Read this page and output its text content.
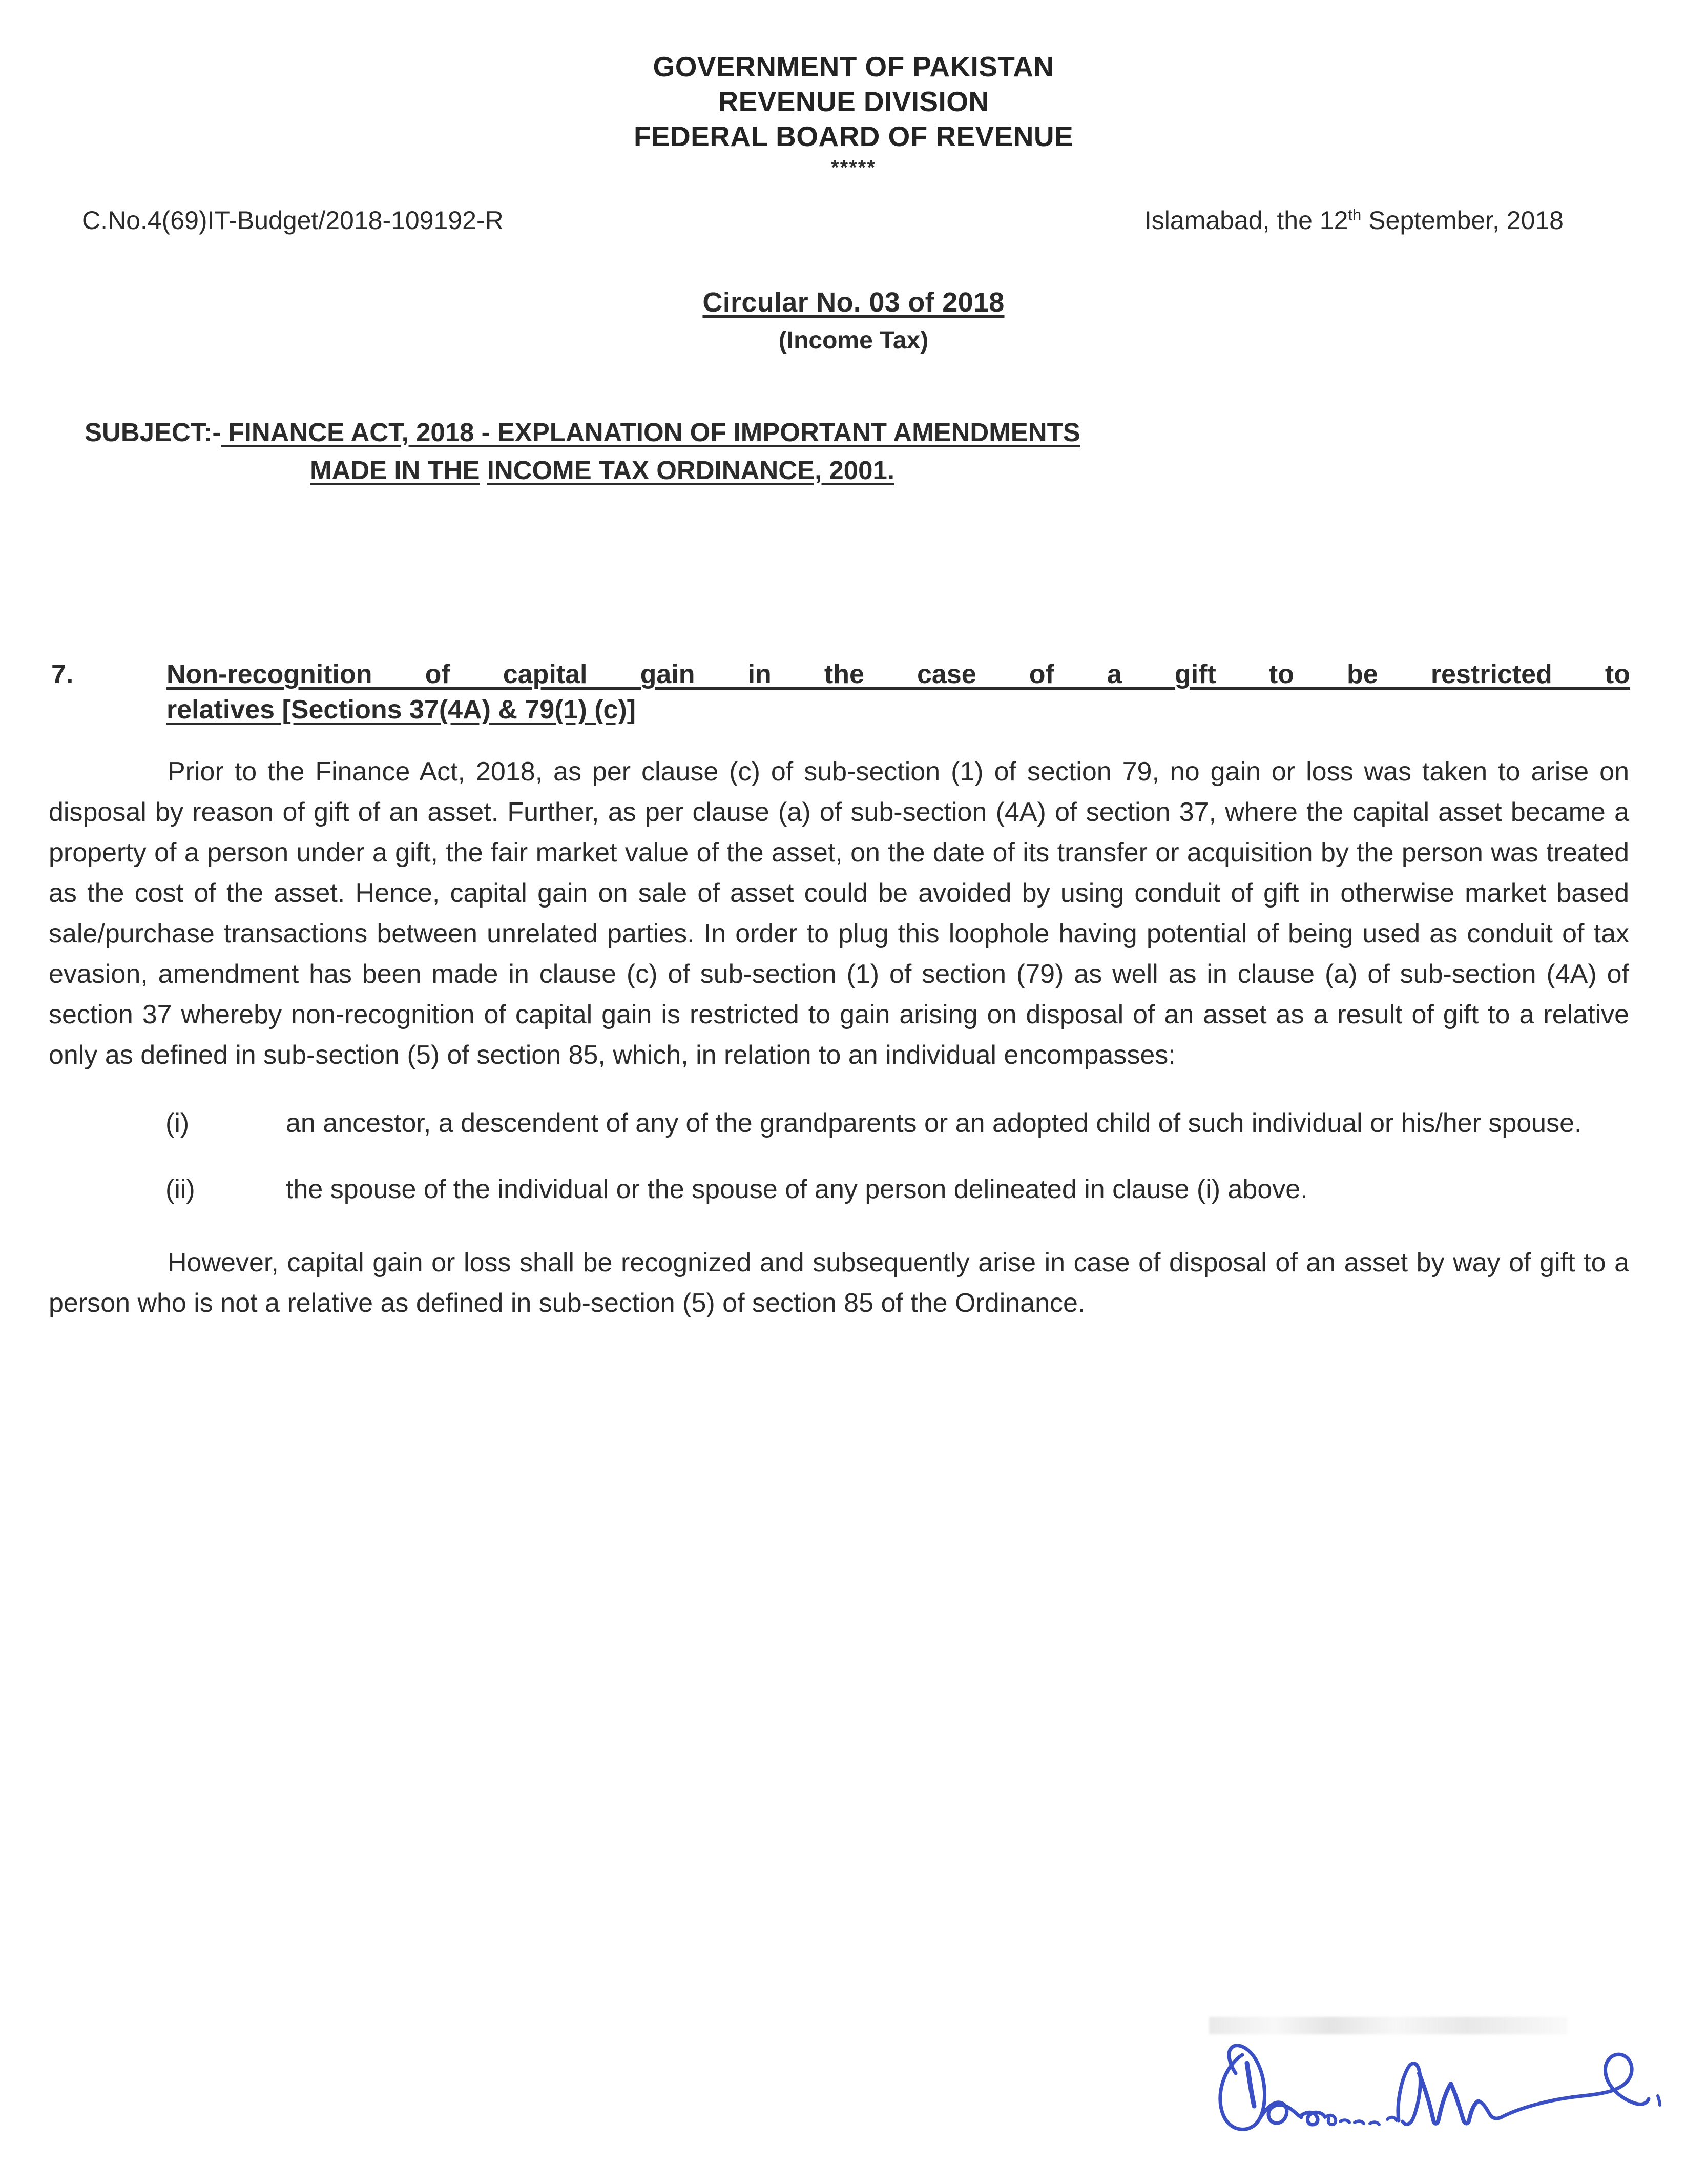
GOVERNMENT OF PAKISTAN
REVENUE DIVISION
FEDERAL BOARD OF REVENUE
*****
C.No.4(69)IT-Budget/2018-109192-R	Islamabad, the 12th September, 2018
Circular No. 03 of 2018
(Income Tax)
SUBJECT:- FINANCE ACT, 2018 - EXPLANATION OF IMPORTANT AMENDMENTS
MADE IN THE INCOME TAX ORDINANCE, 2001.
7.	Non-recognition of capital gain in the case of a gift to be restricted to
relatives [Sections 37(4A) & 79(1) (c)]

Prior to the Finance Act, 2018, as per clause (c) of sub-section (1) of section 79, no gain or loss was taken to arise on disposal by reason of gift of an asset. Further, as per clause (a) of sub-section (4A) of section 37, where the capital asset became a property of a person under a gift, the fair market value of the asset, on the date of its transfer or acquisition by the person was treated as the cost of the asset. Hence, capital gain on sale of asset could be avoided by using conduit of gift in otherwise market based sale/purchase transactions between unrelated parties. In order to plug this loophole having potential of being used as conduit of tax evasion, amendment has been made in clause (c) of sub-section (1) of section (79) as well as in clause (a) of sub-section (4A) of section 37 whereby non-recognition of capital gain is restricted to gain arising on disposal of an asset as a result of gift to a relative only as defined in sub-section (5) of section 85, which, in relation to an individual encompasses:

(i)	an ancestor, a descendent of any of the grandparents or an adopted child of such individual or his/her spouse.
(ii)	the spouse of the individual or the spouse of any person delineated in clause (i) above.

However, capital gain or loss shall be recognized and subsequently arise in case of disposal of an asset by way of gift to a person who is not a relative as defined in sub-section (5) of section 85 of the Ordinance.
